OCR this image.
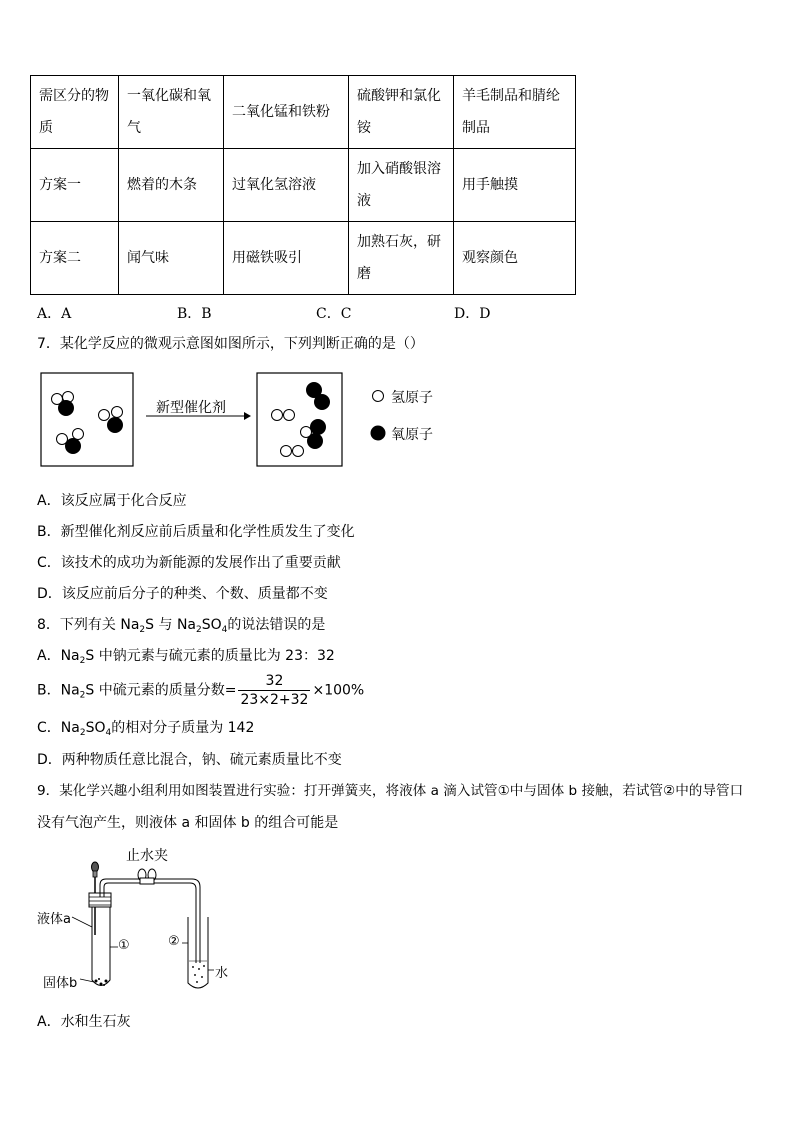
需区分的物质	一氧化碳和氧气	二氧化锰和铁粉	硫酸钾和氯化铵	羊毛制品和腈纶制品
方案一	燃着的木条	过氧化氢溶液	加入硝酸银溶液	用手触摸
方案二	闻气味	用磁铁吸引	加熟石灰，研磨	观察颜色
A．A	B．B	C．C	D．D
7．某化学反应的微观示意图如图所示，下列判断正确的是（）
新型催化剂
氢原子
氧原子
A．该反应属于化合反应
B．新型催化剂反应前后质量和化学性质发生了变化
C．该技术的成功为新能源的发展作出了重要贡献
D．该反应前后分子的种类、个数、质量都不变
8．下列有关 $Na_2S$ 与 $Na_2SO_4$的说法错误的是
A．$Na_2S$ 中钠元素与硫元素的质量比为 23：32
B．$Na_2S$ 中硫元素的质量分数= $\frac{32}{23\times 2+32} \times 100\%$
C．$Na_2SO_4$的相对分子质量为 142
D．两种物质任意比混合，钠、硫元素质量比不变
9．某化学兴趣小组利用如图装置进行实验：打开弹簧夹，将液体 a 滴入试管①中与固体 b 接触，若试管②中的导管口
没有气泡产生，则液体 a 和固体 b 的组合可能是
止水夹
液体a
①	②
水
固体b
A．水和生石灰
